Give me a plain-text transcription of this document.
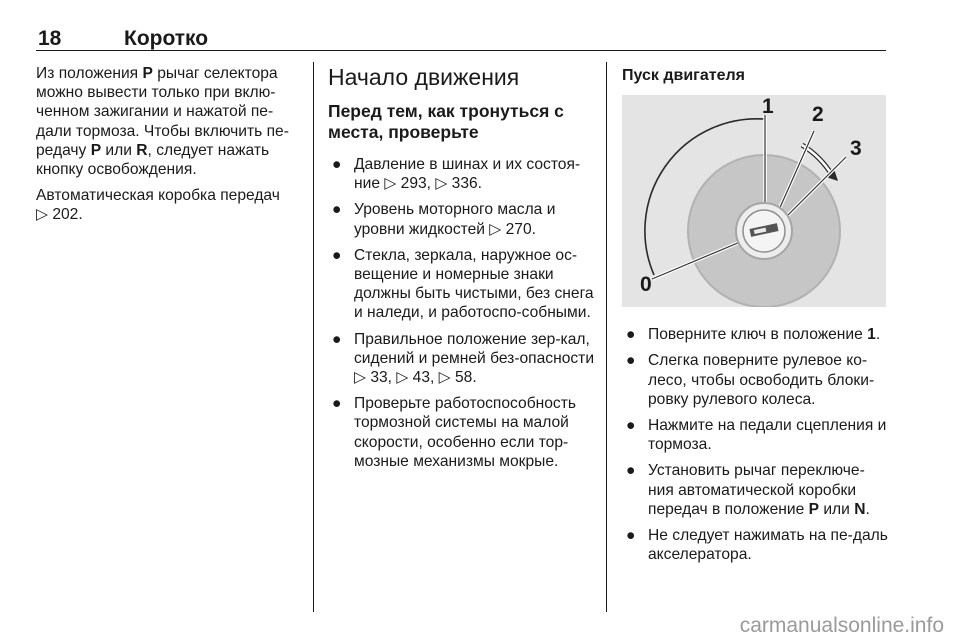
18	Коротко

Из положения P рычаг селектора можно вывести только при вклю-ченном зажигании и нажатой пе-дали тормоза. Чтобы включить пе-редачу P или R, следует нажать кнопку освобождения.

Автоматическая коробка передач
▷ 202.

Начало движения
Перед тем, как тронуться с места, проверьте
● Давление в шинах и их состоя-ние ▷ 293, ▷ 336.
● Уровень моторного масла и уровни жидкостей ▷ 270.
● Стекла, зеркала, наружное ос-вещение и номерные знаки должны быть чистыми, без снега и наледи, и работоспо-собными.
● Правильное положение зер-кал, сидений и ремней без-опасности ▷ 33, ▷ 43, ▷ 58.
● Проверьте работоспособность тормозной системы на малой скорости, особенно если тор-мозные механизмы мокрые.
Пуск двигателя
1 2
3
0
● Поверните ключ в положение 1.
● Слегка поверните рулевое ко-лесо, чтобы освободить блоки-ровку рулевого колеса.
● Нажмите на педали сцепления и тормоза.
● Установить рычаг переключе-ния автоматической коробки передач в положение P или N.
● Не следует нажимать на пе-даль акселератора.
carmanualsonline.info
